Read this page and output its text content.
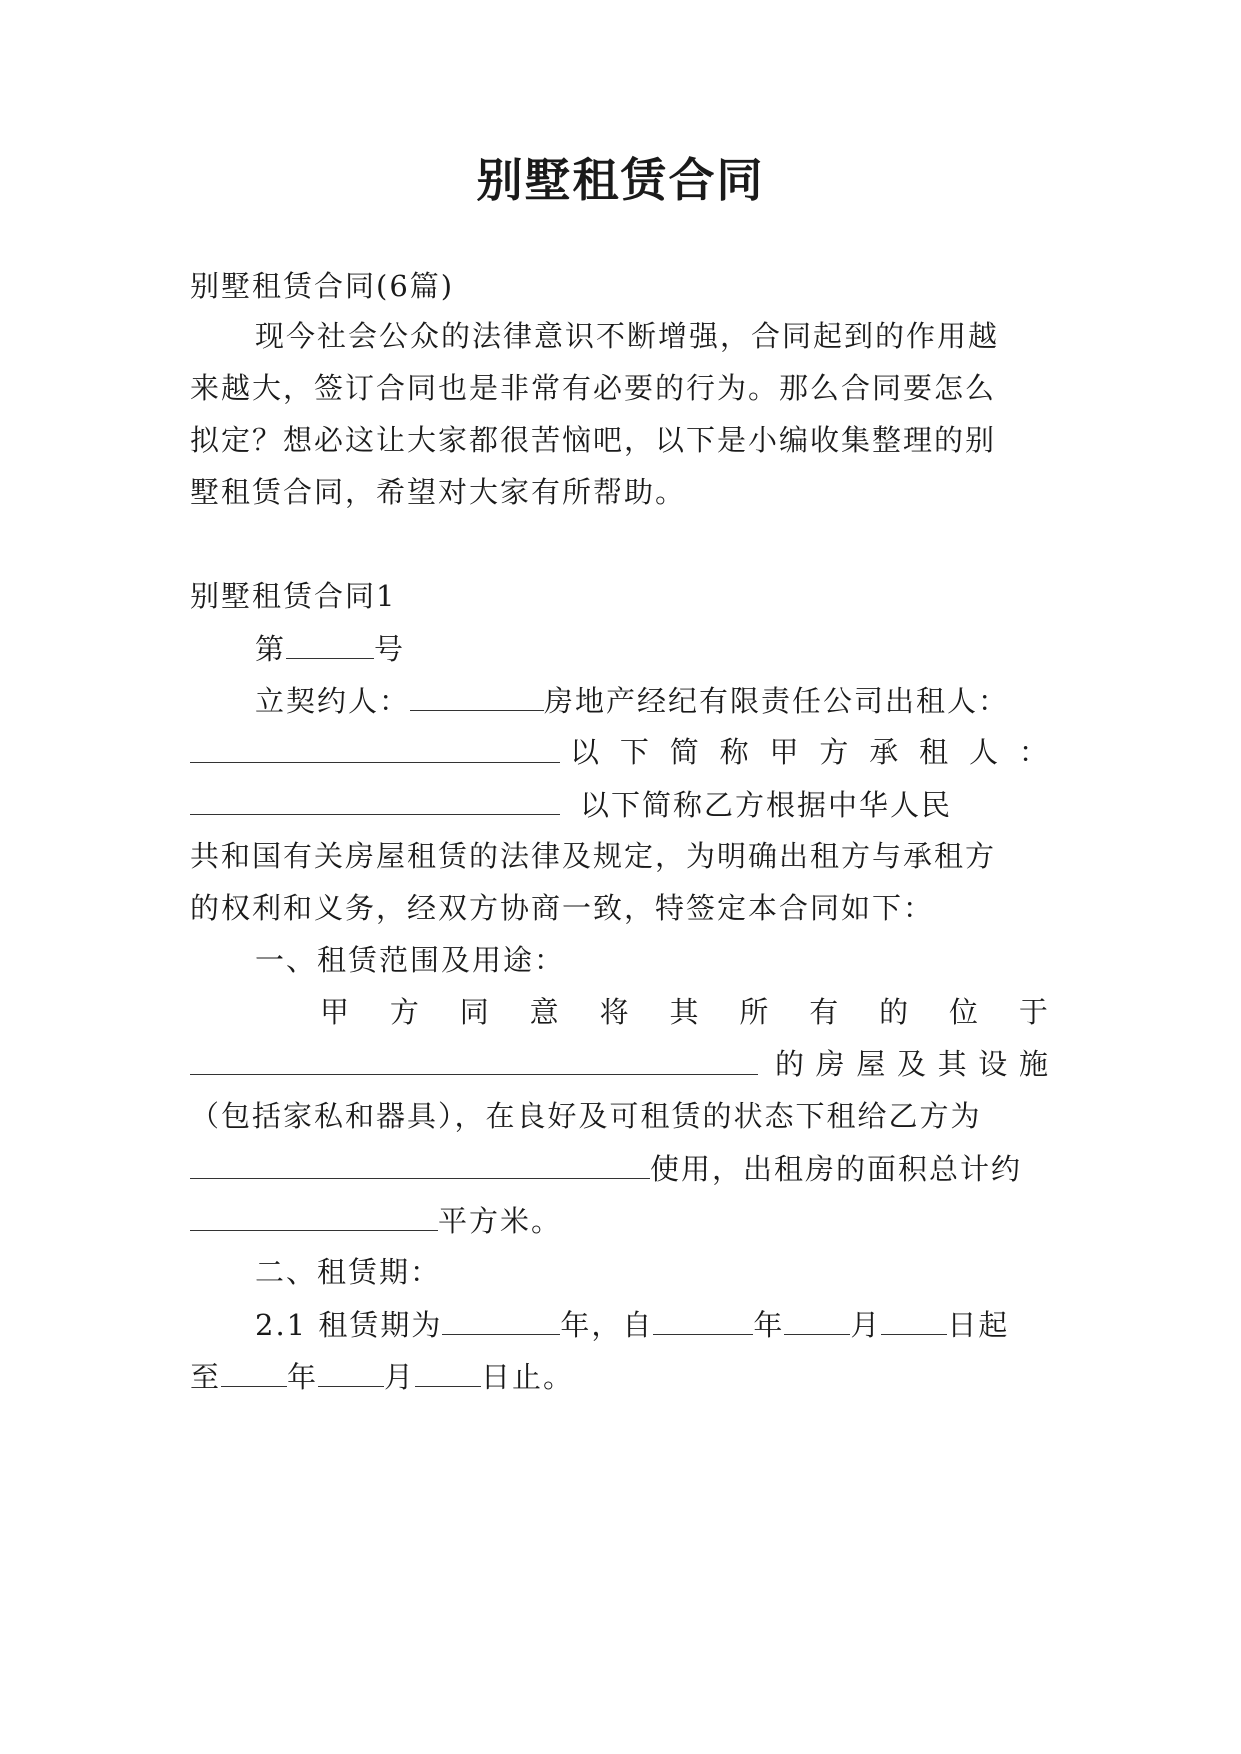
别墅租赁合同
别墅租赁合同(6篇)
现今社会公众的法律意识不断增强，合同起到的作用越
来越大，签订合同也是非常有必要的行为。那么合同要怎么
拟定？想必这让大家都很苦恼吧，以下是小编收集整理的别
墅租赁合同，希望对大家有所帮助。
别墅租赁合同1
第	号
立契约人：	房地产经纪有限责任公司出租人：
以 下 简 称 甲 方 承 租 人 ：
以下简称乙方根据中华人民
共和国有关房屋租赁的法律及规定，为明确出租方与承租方
的权利和义务，经双方协商一致，特签定本合同如下：
一、租赁范围及用途：
甲 方 同 意 将 其 所 有 的 位 于
的 房 屋 及 其 设 施
（包括家私和器具），在良好及可租赁的状态下租给乙方为
使用，出租房的面积总计约
平方米。
二、租赁期：
2.1 租赁期为	年，自	年 月 日起
至 年 月 日止。
